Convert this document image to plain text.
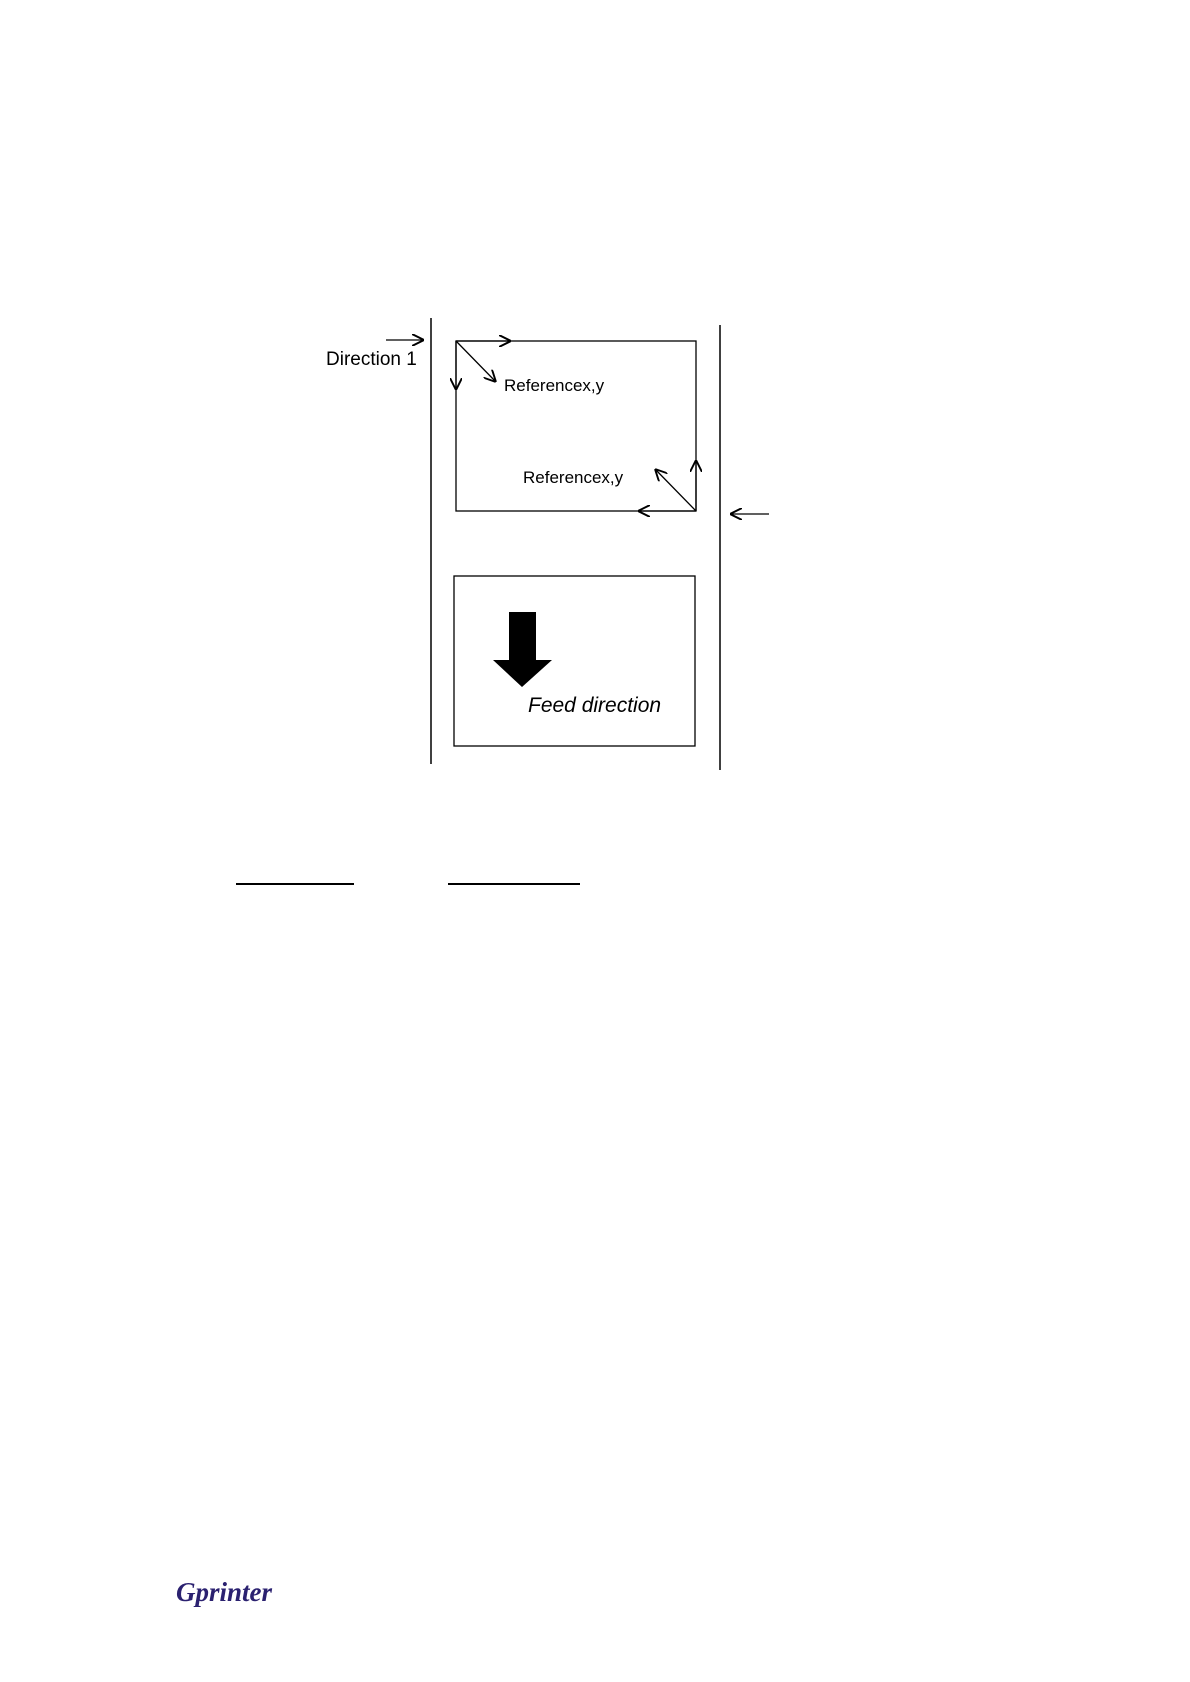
Direction 1
Referencex,y
Referencex,y
Feed direction
Gprinter
